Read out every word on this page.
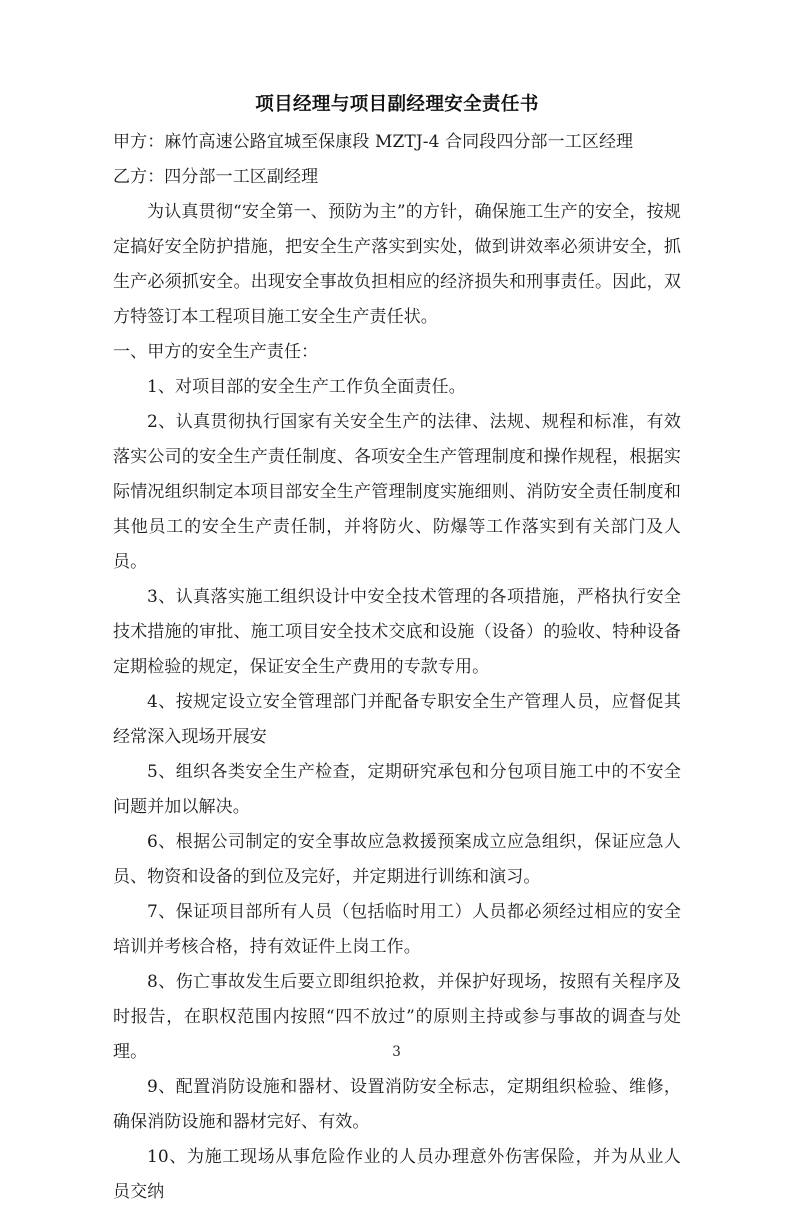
项目经理与项目副经理安全责任书

甲方：麻竹高速公路宜城至保康段 MZTJ-4 合同段四分部一工区经理

乙方：四分部一工区副经理

为认真贯彻“安全第一、预防为主”的方针，确保施工生产的安全，按规定搞好安全防护措施，把安全生产落实到实处，做到讲效率必须讲安全，抓生产必须抓安全。出现安全事故负担相应的经济损失和刑事责任。因此，双方特签订本工程项目施工安全生产责任状。

一、甲方的安全生产责任：

1、对项目部的安全生产工作负全面责任。

2、认真贯彻执行国家有关安全生产的法律、法规、规程和标准，有效落实公司的安全生产责任制度、各项安全生产管理制度和操作规程，根据实际情况组织制定本项目部安全生产管理制度实施细则、消防安全责任制度和其他员工的安全生产责任制，并将防火、防爆等工作落实到有关部门及人员。

3、认真落实施工组织设计中安全技术管理的各项措施，严格执行安全技术措施的审批、施工项目安全技术交底和设施（设备）的验收、特种设备定期检验的规定，保证安全生产费用的专款专用。

4、按规定设立安全管理部门并配备专职安全生产管理人员，应督促其经常深入现场开展安

5、组织各类安全生产检查，定期研究承包和分包项目施工中的不安全问题并加以解决。

6、根据公司制定的安全事故应急救援预案成立应急组织，保证应急人员、物资和设备的到位及完好，并定期进行训练和演习。

7、保证项目部所有人员（包括临时用工）人员都必须经过相应的安全培训并考核合格，持有效证件上岗工作。

8、伤亡事故发生后要立即组织抢救，并保护好现场，按照有关程序及时报告，在职权范围内按照“四不放过”的原则主持或参与事故的调查与处理。

9、配置消防设施和器材、设置消防安全标志，定期组织检验、维修，确保消防设施和器材完好、有效。

10、为施工现场从事危险作业的人员办理意外伤害保险，并为从业人员交纳

3
